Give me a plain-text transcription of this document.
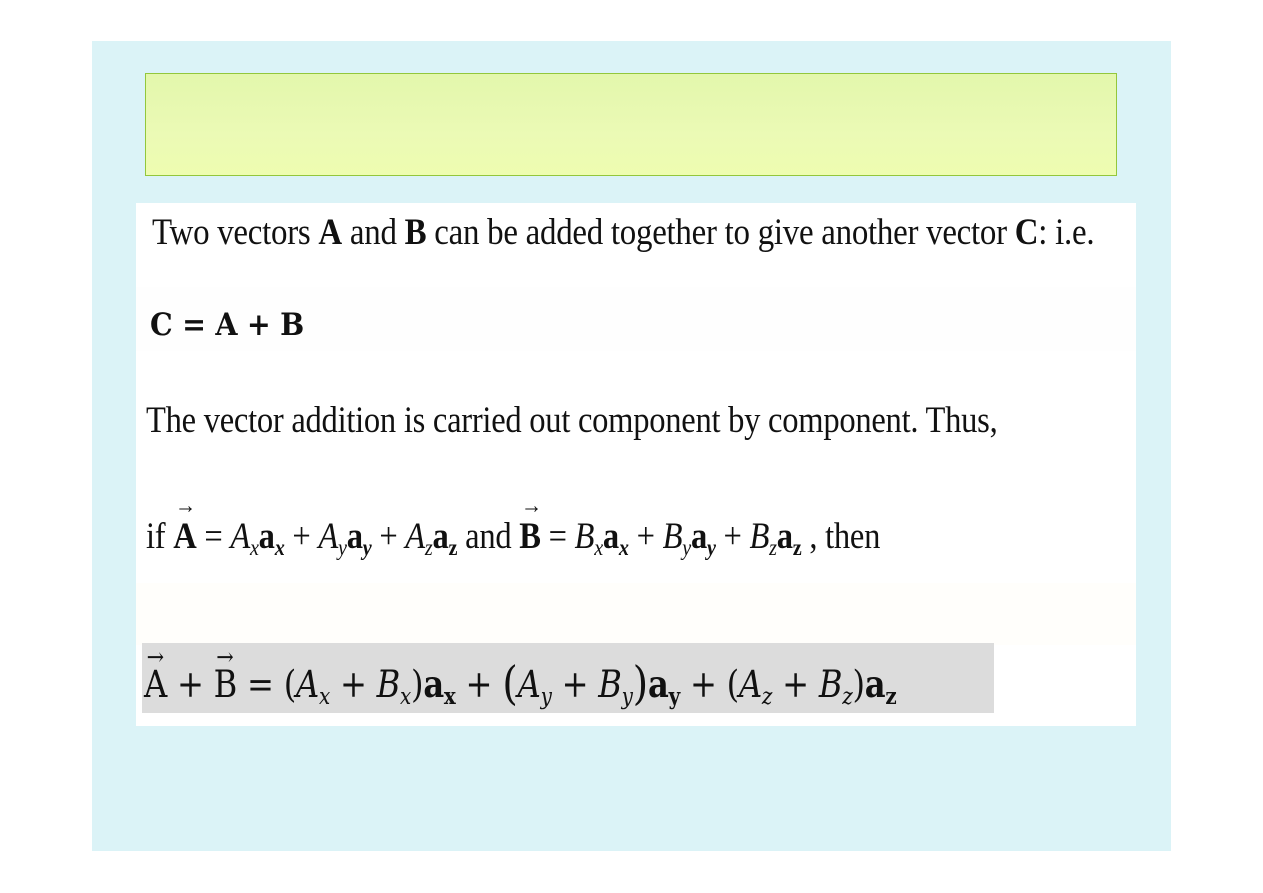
Two vectors A and B can be added together to give another vector C: i.e.
C = A + B
The vector addition is carried out component by component. Thus,
if → A = Axax + Ayay + Azaz and → B = Bxax + Byay + Bzaz , then
→ A + → B = (Ax + Bx)ax + (Ay + By)ay + (Az + Bz)az
